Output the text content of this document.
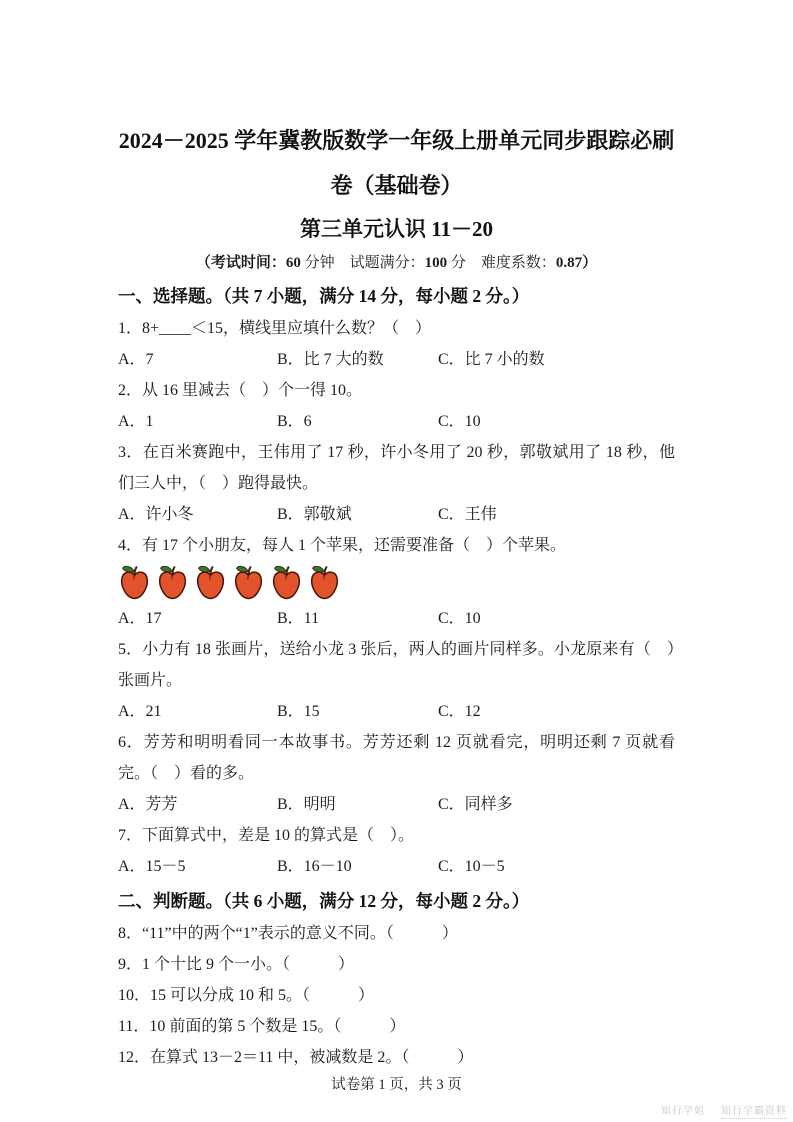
2024－2025 学年冀教版数学一年级上册单元同步跟踪必刷
卷（基础卷）
第三单元认识 11－20

（考试时间：60 分钟　试题满分：100 分　难度系数：0.87）

一、选择题。（共 7 小题，满分 14 分，每小题 2 分。）

1．8+____＜15，横线里应填什么数？（　）

A．7	B．比 7 大的数	C．比 7 小的数

2．从 16 里减去（　）个一得 10。

A．1	B．6	C．10

3．在百米赛跑中，王伟用了 17 秒，许小冬用了 20 秒，郭敬斌用了 18 秒，他们三人中，（　）跑得最快。

A．许小冬	B．郭敬斌	C．王伟

4．有 17 个小朋友，每人 1 个苹果，还需要准备（　）个苹果。

A．17	B．11	C．10

5．小力有 18 张画片，送给小龙 3 张后，两人的画片同样多。小龙原来有（　）张画片。

A．21	B．15	C．12

6．芳芳和明明看同一本故事书。芳芳还剩 12 页就看完，明明还剩 7 页就看完。（　）看的多。

A．芳芳	B．明明	C．同样多

7．下面算式中，差是 10 的算式是（　）。

A．15－5	B．16－10	C．10－5
二、判断题。（共 6 小题，满分 12 分，每小题 2 分。）

8．“11”中的两个“1”表示的意义不同。（　　　）

9．1 个十比 9 个一小。（　　　）

10．15 可以分成 10 和 5。（　　　）

11．10 前面的第 5 个数是 15。（　　　）

12．在算式 13－2＝11 中，被减数是 2。（　　　）

试卷第 1 页，共 3 页
知行学姐 知行学霸资料
